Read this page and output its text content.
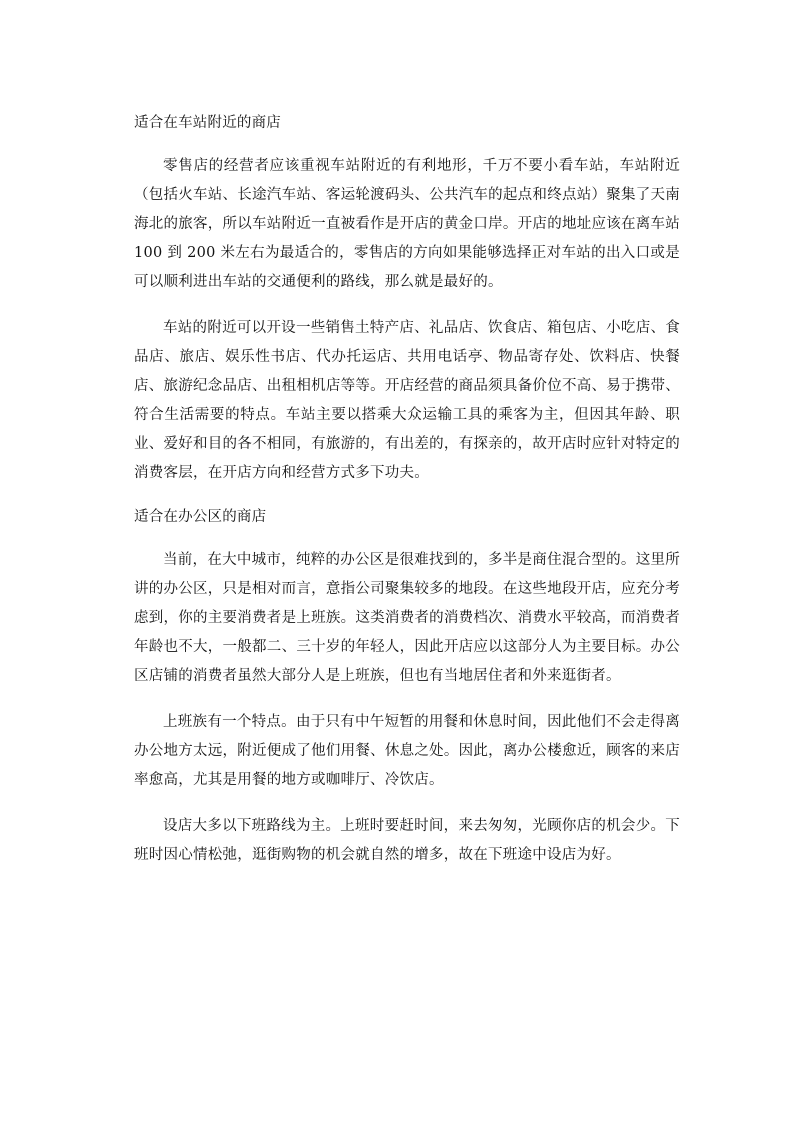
适合在车站附近的商店

零售店的经营者应该重视车站附近的有利地形，千万不要小看车站，车站附近（包括火车站、长途汽车站、客运轮渡码头、公共汽车的起点和终点站）聚集了天南海北的旅客，所以车站附近一直被看作是开店的黄金口岸。开店的地址应该在离车站 100 到 200 米左右为最适合的，零售店的方向如果能够选择正对车站的出入口或是可以顺利进出车站的交通便利的路线，那么就是最好的。

车站的附近可以开设一些销售土特产店、礼品店、饮食店、箱包店、小吃店、食品店、旅店、娱乐性书店、代办托运店、共用电话亭、物品寄存处、饮料店、快餐店、旅游纪念品店、出租相机店等等。开店经营的商品须具备价位不高、易于携带、符合生活需要的特点。车站主要以搭乘大众运输工具的乘客为主，但因其年龄、职业、爱好和目的各不相同，有旅游的，有出差的，有探亲的，故开店时应针对特定的消费客层，在开店方向和经营方式多下功夫。

适合在办公区的商店

当前，在大中城市，纯粹的办公区是很难找到的，多半是商住混合型的。这里所讲的办公区，只是相对而言，意指公司聚集较多的地段。在这些地段开店，应充分考虑到，你的主要消费者是上班族。这类消费者的消费档次、消费水平较高，而消费者年龄也不大，一般都二、三十岁的年轻人，因此开店应以这部分人为主要目标。办公区店铺的消费者虽然大部分人是上班族，但也有当地居住者和外来逛街者。

上班族有一个特点。由于只有中午短暂的用餐和休息时间，因此他们不会走得离办公地方太远，附近便成了他们用餐、休息之处。因此，离办公楼愈近，顾客的来店率愈高，尤其是用餐的地方或咖啡厅、冷饮店。

设店大多以下班路线为主。上班时要赶时间，来去匆匆，光顾你店的机会少。下班时因心情松弛，逛街购物的机会就自然的增多，故在下班途中设店为好。
